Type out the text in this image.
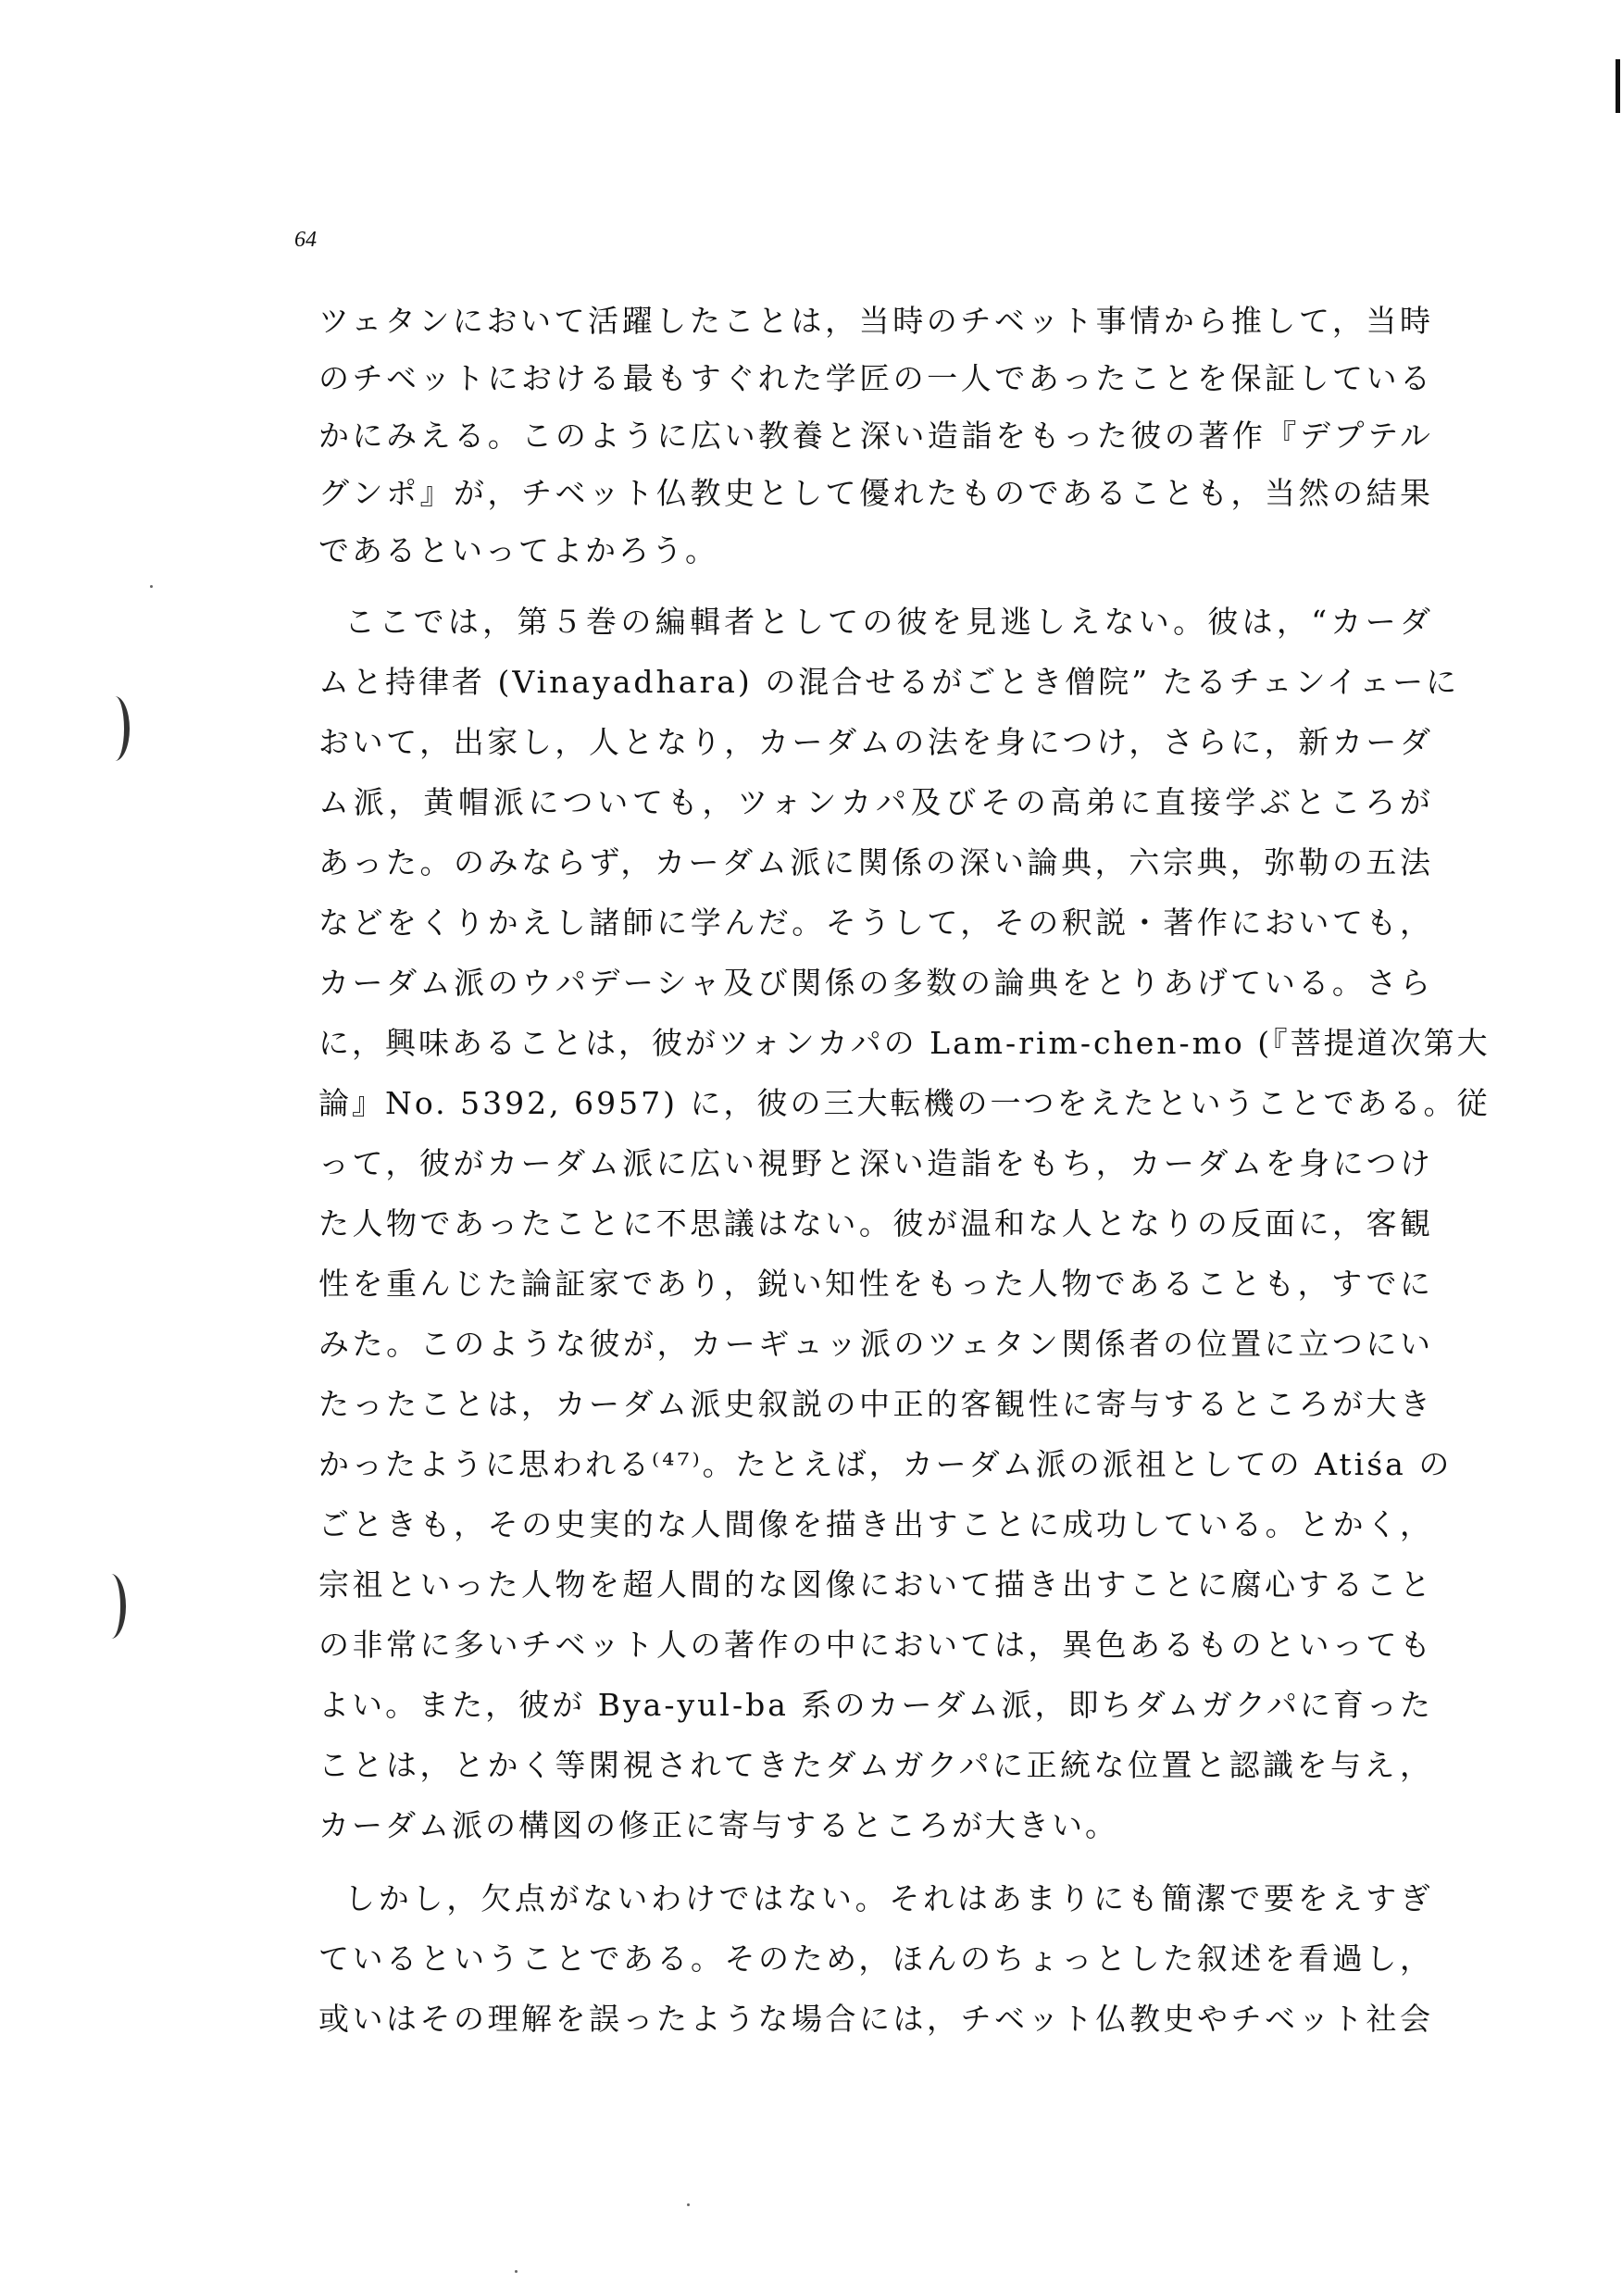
64
ツェタンにおいて活躍したことは，当時のチベット事情から推して，当時
のチベットにおける最もすぐれた学匠の一人であったことを保証している
かにみえる。このように広い教養と深い造詣をもった彼の著作『デプテル
グンポ』が，チベット仏教史として優れたものであることも，当然の結果
であるといってよかろう。
ここでは，第５巻の編輯者としての彼を見逃しえない。彼は，“カーダ
ムと持律者 (Vinayadhara) の混合せるがごとき僧院” たるチェンイェーに
おいて，出家し，人となり，カーダムの法を身につけ，さらに，新カーダ
ム派，黄帽派についても，ツォンカパ及びその高弟に直接学ぶところが
あった。のみならず，カーダム派に関係の深い論典，六宗典，弥勒の五法
などをくりかえし諸師に学んだ。そうして，その釈説・著作においても，
カーダム派のウパデーシャ及び関係の多数の論典をとりあげている。さら
に，興味あることは，彼がツォンカパの Lam-rim-chen-mo (『菩提道次第大
論』No. 5392, 6957) に，彼の三大転機の一つをえたということである。従
って，彼がカーダム派に広い視野と深い造詣をもち，カーダムを身につけ
た人物であったことに不思議はない。彼が温和な人となりの反面に，客観
性を重んじた論証家であり，鋭い知性をもった人物であることも，すでに
みた。このような彼が，カーギュッ派のツェタン関係者の位置に立つにい
たったことは，カーダム派史叙説の中正的客観性に寄与するところが大き
かったように思われる⁽⁴⁷⁾。たとえば，カーダム派の派祖としての Atiśa の
ごときも，その史実的な人間像を描き出すことに成功している。とかく，
宗祖といった人物を超人間的な図像において描き出すことに腐心すること
の非常に多いチベット人の著作の中においては，異色あるものといっても
よい。また，彼が Bya-yul-ba 系のカーダム派，即ちダムガクパに育った
ことは，とかく等閑視されてきたダムガクパに正統な位置と認識を与え，
カーダム派の構図の修正に寄与するところが大きい。
しかし，欠点がないわけではない。それはあまりにも簡潔で要をえすぎ
ているということである。そのため，ほんのちょっとした叙述を看過し，
或いはその理解を誤ったような場合には，チベット仏教史やチベット社会
